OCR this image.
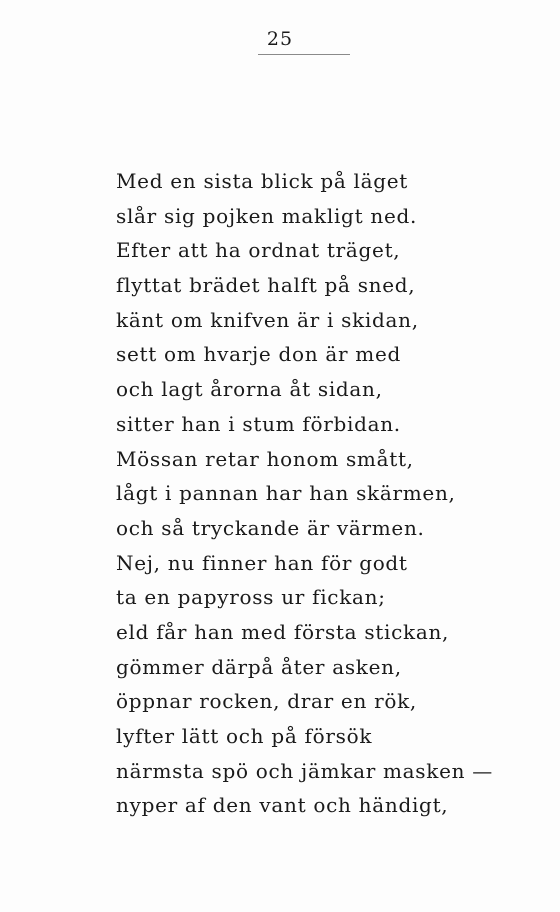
25
Med en sista blick på läget
slår sig pojken makligt ned.
Efter att ha ordnat träget,
flyttat brädet halft på sned,
känt om knifven är i skidan,
sett om hvarje don är med
och lagt årorna åt sidan,
sitter han i stum förbidan.
Mössan retar honom smått,
lågt i pannan har han skärmen,
och så tryckande är värmen.
Nej, nu finner han för godt
ta en papyross ur fickan;
eld får han med första stickan,
gömmer därpå åter asken,
öppnar rocken, drar en rök,
lyfter lätt och på försök
närmsta spö och jämkar masken —
nyper af den vant och händigt,
